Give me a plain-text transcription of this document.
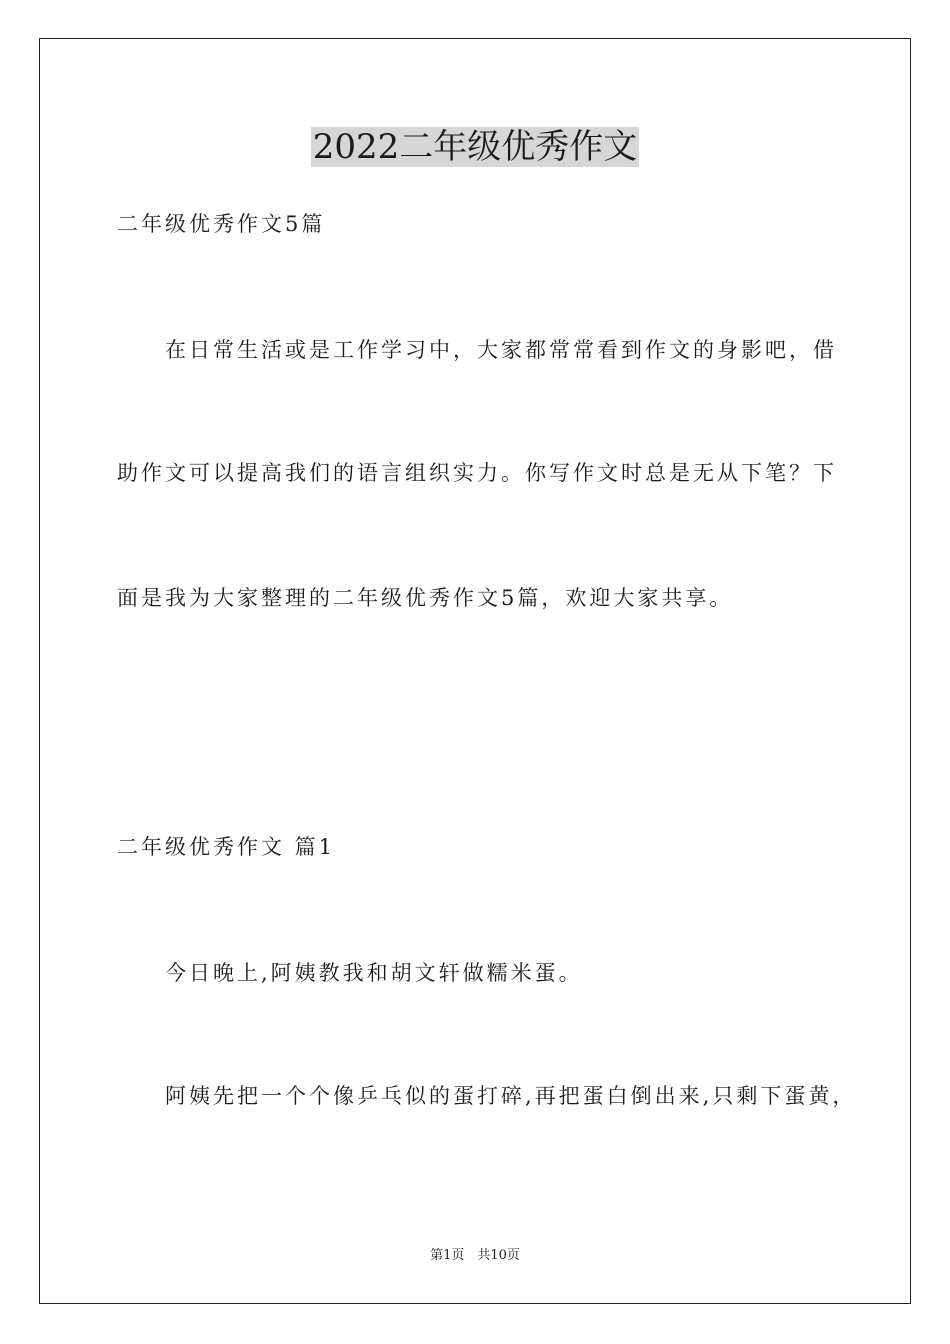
2022二年级优秀作文
二年级优秀作文5篇
在日常生活或是工作学习中，大家都常常看到作文的身影吧，借
助作文可以提高我们的语言组织实力。你写作文时总是无从下笔？下
面是我为大家整理的二年级优秀作文5篇，欢迎大家共享。
二年级优秀作文 篇1
今日晚上,阿姨教我和胡文轩做糯米蛋。
阿姨先把一个个像乒乓似的蛋打碎,再把蛋白倒出来,只剩下蛋黄，
第1页　共10页
